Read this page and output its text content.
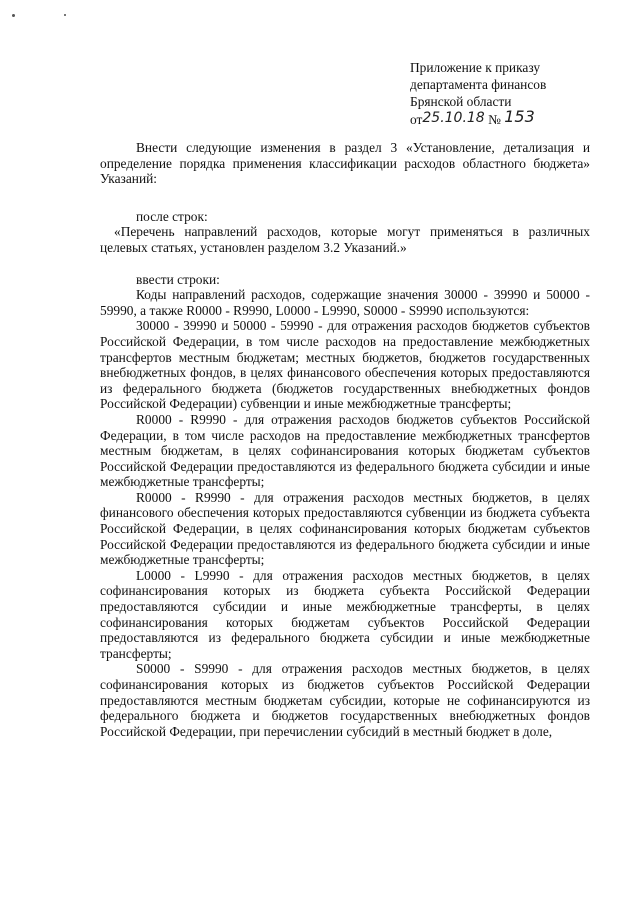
Приложение к приказу
департамента финансов
Брянской области
от25.10.18 № 153

Внести следующие изменения в раздел 3 «Установление, детализация и определение порядка применения классификации расходов областного бюджета» Указаний:

после строк:

«Перечень направлений расходов, которые могут применяться в различных целевых статьях, установлен разделом 3.2 Указаний.»

ввести строки:

Коды направлений расходов, содержащие значения 30000 - 39990 и 50000 - 59990, а также R0000 - R9990, L0000 - L9990, S0000 - S9990 используются:

30000 - 39990 и 50000 - 59990 - для отражения расходов бюджетов субъектов Российской Федерации, в том числе расходов на предоставление межбюджетных трансфертов местным бюджетам; местных бюджетов, бюджетов государственных внебюджетных фондов, в целях финансового обеспечения которых предоставляются из федерального бюджета (бюджетов государственных внебюджетных фондов Российской Федерации) субвенции и иные межбюджетные трансферты;

R0000 - R9990 - для отражения расходов бюджетов субъектов Российской Федерации, в том числе расходов на предоставление межбюджетных трансфертов местным бюджетам, в целях софинансирования которых бюджетам субъектов Российской Федерации предоставляются из федерального бюджета субсидии и иные межбюджетные трансферты;

R0000 - R9990 - для отражения расходов местных бюджетов, в целях финансового обеспечения которых предоставляются субвенции из бюджета субъекта Российской Федерации, в целях софинансирования которых бюджетам субъектов Российской Федерации предоставляются из федерального бюджета субсидии и иные межбюджетные трансферты;

L0000 - L9990 - для отражения расходов местных бюджетов, в целях софинансирования которых из бюджета субъекта Российской Федерации предоставляются субсидии и иные межбюджетные трансферты, в целях софинансирования которых бюджетам субъектов Российской Федерации предоставляются из федерального бюджета субсидии и иные межбюджетные трансферты;

S0000 - S9990 - для отражения расходов местных бюджетов, в целях софинансирования которых из бюджетов субъектов Российской Федерации предоставляются местным бюджетам субсидии, которые не софинансируются из федерального бюджета и бюджетов государственных внебюджетных фондов Российской Федерации, при перечислении субсидий в местный бюджет в доле,
